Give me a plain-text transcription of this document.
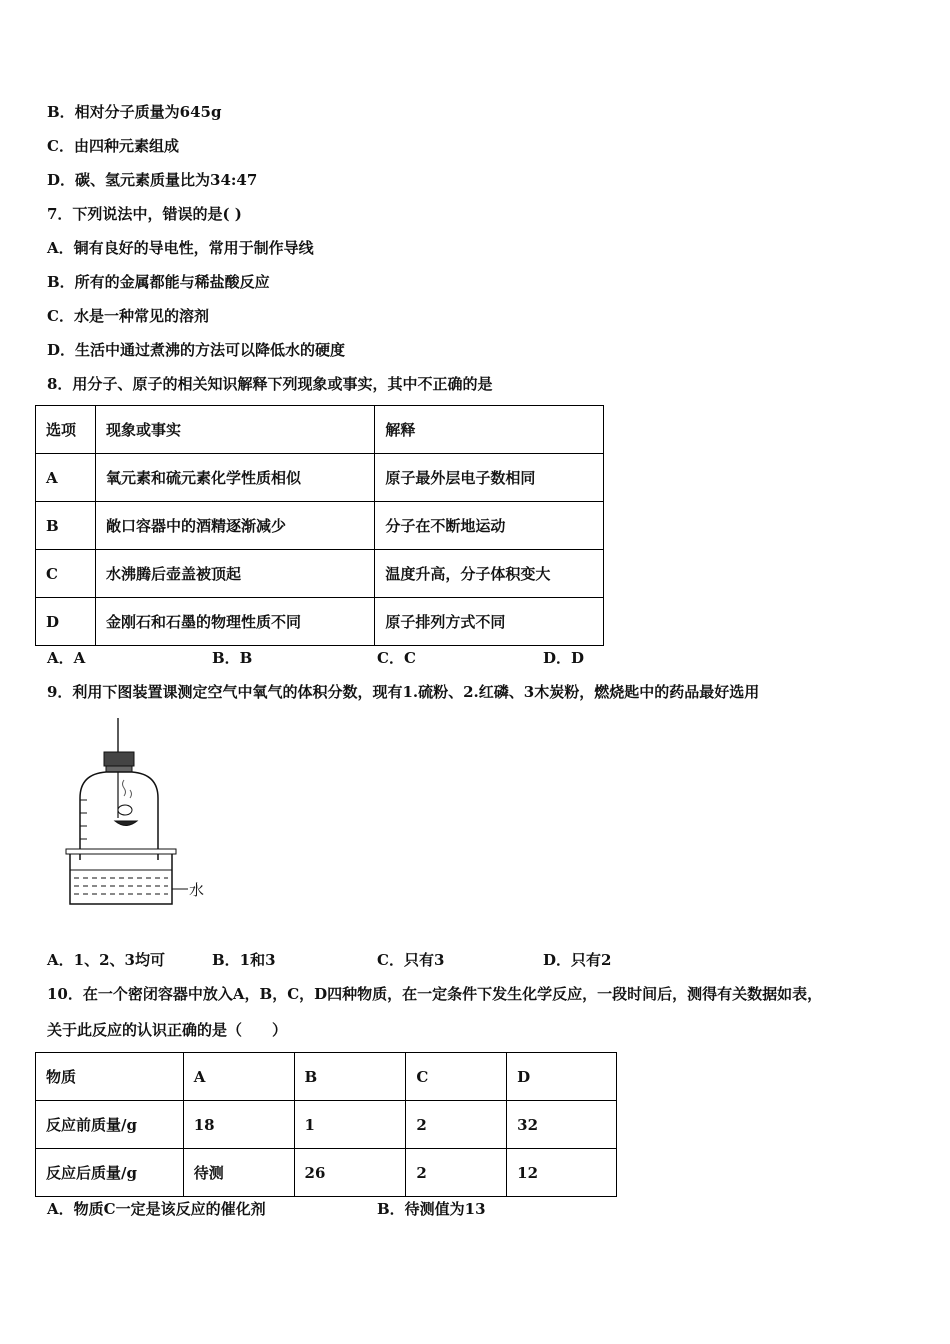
B．相对分子质量为645g
C．由四种元素组成
D．碳、氢元素质量比为34:47
7．下列说法中，错误的是( )
A．铜有良好的导电性，常用于制作导线
B．所有的金属都能与稀盐酸反应
C．水是一种常见的溶剂
D．生活中通过煮沸的方法可以降低水的硬度
8．用分子、原子的相关知识解释下列现象或事实，其中不正确的是
选项	现象或事实	解释
A	氧元素和硫元素化学性质相似	原子最外层电子数相同
B	敞口容器中的酒精逐渐减少	分子在不断地运动
C	水沸腾后壶盖被顶起	温度升高，分子体积变大
D	金刚石和石墨的物理性质不同	原子排列方式不同
A．A	B．B	C．C	D．D
9．利用下图装置课测定空气中氧气的体积分数，现有1.硫粉、2.红磷、3木炭粉，燃烧匙中的药品最好选用
水
A．1、2、3均可	B．1和3	C．只有3	D．只有2
10．在一个密闭容器中放入A，B，C，D四种物质，在一定条件下发生化学反应，一段时间后，测得有关数据如表，
关于此反应的认识正确的是（　　）
物质	A	B	C	D
反应前质量/g	18	1	2	32
反应后质量/g	待测	26	2	12
A．物质C一定是该反应的催化剂	B．待测值为13
